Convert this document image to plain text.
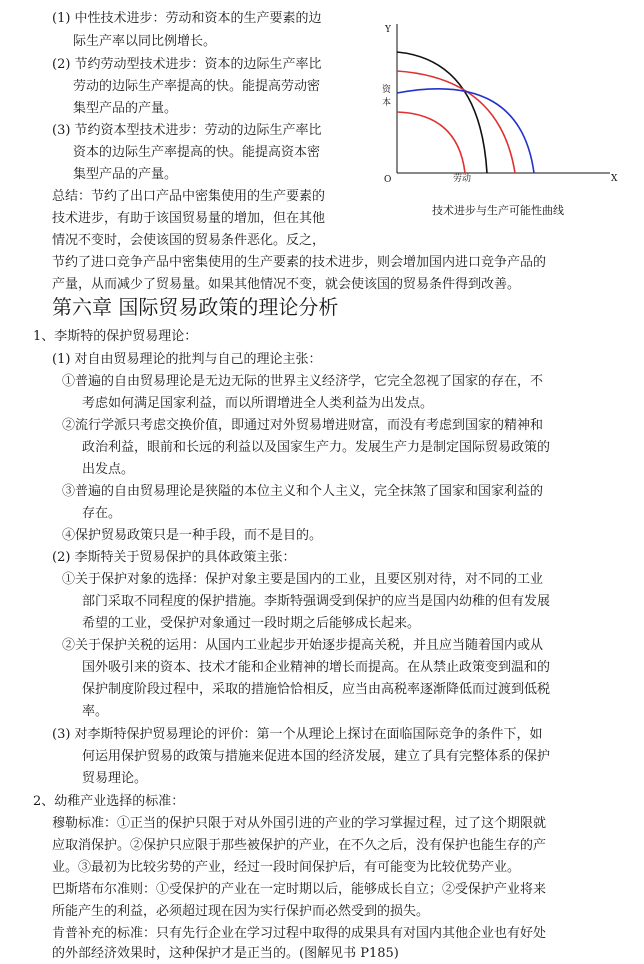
(1) 中性技术进步：劳动和资本的生产要素的边
际生产率以同比例增长。
(2) 节约劳动型技术进步：资本的边际生产率比
劳动的边际生产率提高的快。能提高劳动密
集型产品的产量。
(3) 节约资本型技术进步：劳动的边际生产率比
资本的边际生产率提高的快。能提高资本密
集型产品的产量。
总结：节约了出口产品中密集使用的生产要素的
技术进步，有助于该国贸易量的增加，但在其他
情况不变时，会使该国的贸易条件恶化。反之，
节约了进口竞争产品中密集使用的生产要素的技术进步，则会增加国内进口竞争产品的
产量，从而减少了贸易量。如果其他情况不变，就会使该国的贸易条件得到改善。
Y
X
O
资
本
劳动
技术进步与生产可能性曲线
第六章 国际贸易政策的理论分析
1、李斯特的保护贸易理论：
(1) 对自由贸易理论的批判与自己的理论主张：
①普遍的自由贸易理论是无边无际的世界主义经济学，它完全忽视了国家的存在，不
考虑如何满足国家利益，而以所谓增进全人类利益为出发点。
②流行学派只考虑交换价值，即通过对外贸易增进财富，而没有考虑到国家的精神和
政治利益，眼前和长远的利益以及国家生产力。发展生产力是制定国际贸易政策的
出发点。
③普遍的自由贸易理论是狭隘的本位主义和个人主义，完全抹煞了国家和国家利益的
存在。
④保护贸易政策只是一种手段，而不是目的。
(2) 李斯特关于贸易保护的具体政策主张：
①关于保护对象的选择：保护对象主要是国内的工业，且要区别对待，对不同的工业
部门采取不同程度的保护措施。李斯特强调受到保护的应当是国内幼稚的但有发展
希望的工业，受保护对象通过一段时期之后能够成长起来。
②关于保护关税的运用：从国内工业起步开始逐步提高关税，并且应当随着国内或从
国外吸引来的资本、技术才能和企业精神的增长而提高。在从禁止政策变到温和的
保护制度阶段过程中，采取的措施恰恰相反，应当由高税率逐渐降低而过渡到低税
率。
(3) 对李斯特保护贸易理论的评价：第一个从理论上探讨在面临国际竞争的条件下，如
何运用保护贸易的政策与措施来促进本国的经济发展，建立了具有完整体系的保护
贸易理论。
2、幼稚产业选择的标准：
穆勒标准：①正当的保护只限于对从外国引进的产业的学习掌握过程，过了这个期限就
应取消保护。②保护只应限于那些被保护的产业，在不久之后，没有保护也能生存的产
业。③最初为比较劣势的产业，经过一段时间保护后，有可能变为比较优势产业。
巴斯塔布尔准则：①受保护的产业在一定时期以后，能够成长自立；②受保护产业将来
所能产生的利益，必须超过现在因为实行保护而必然受到的损失。
肯普补充的标准：只有先行企业在学习过程中取得的成果具有对国内其他企业也有好处
的外部经济效果时，这种保护才是正当的。(图解见书 P185)
